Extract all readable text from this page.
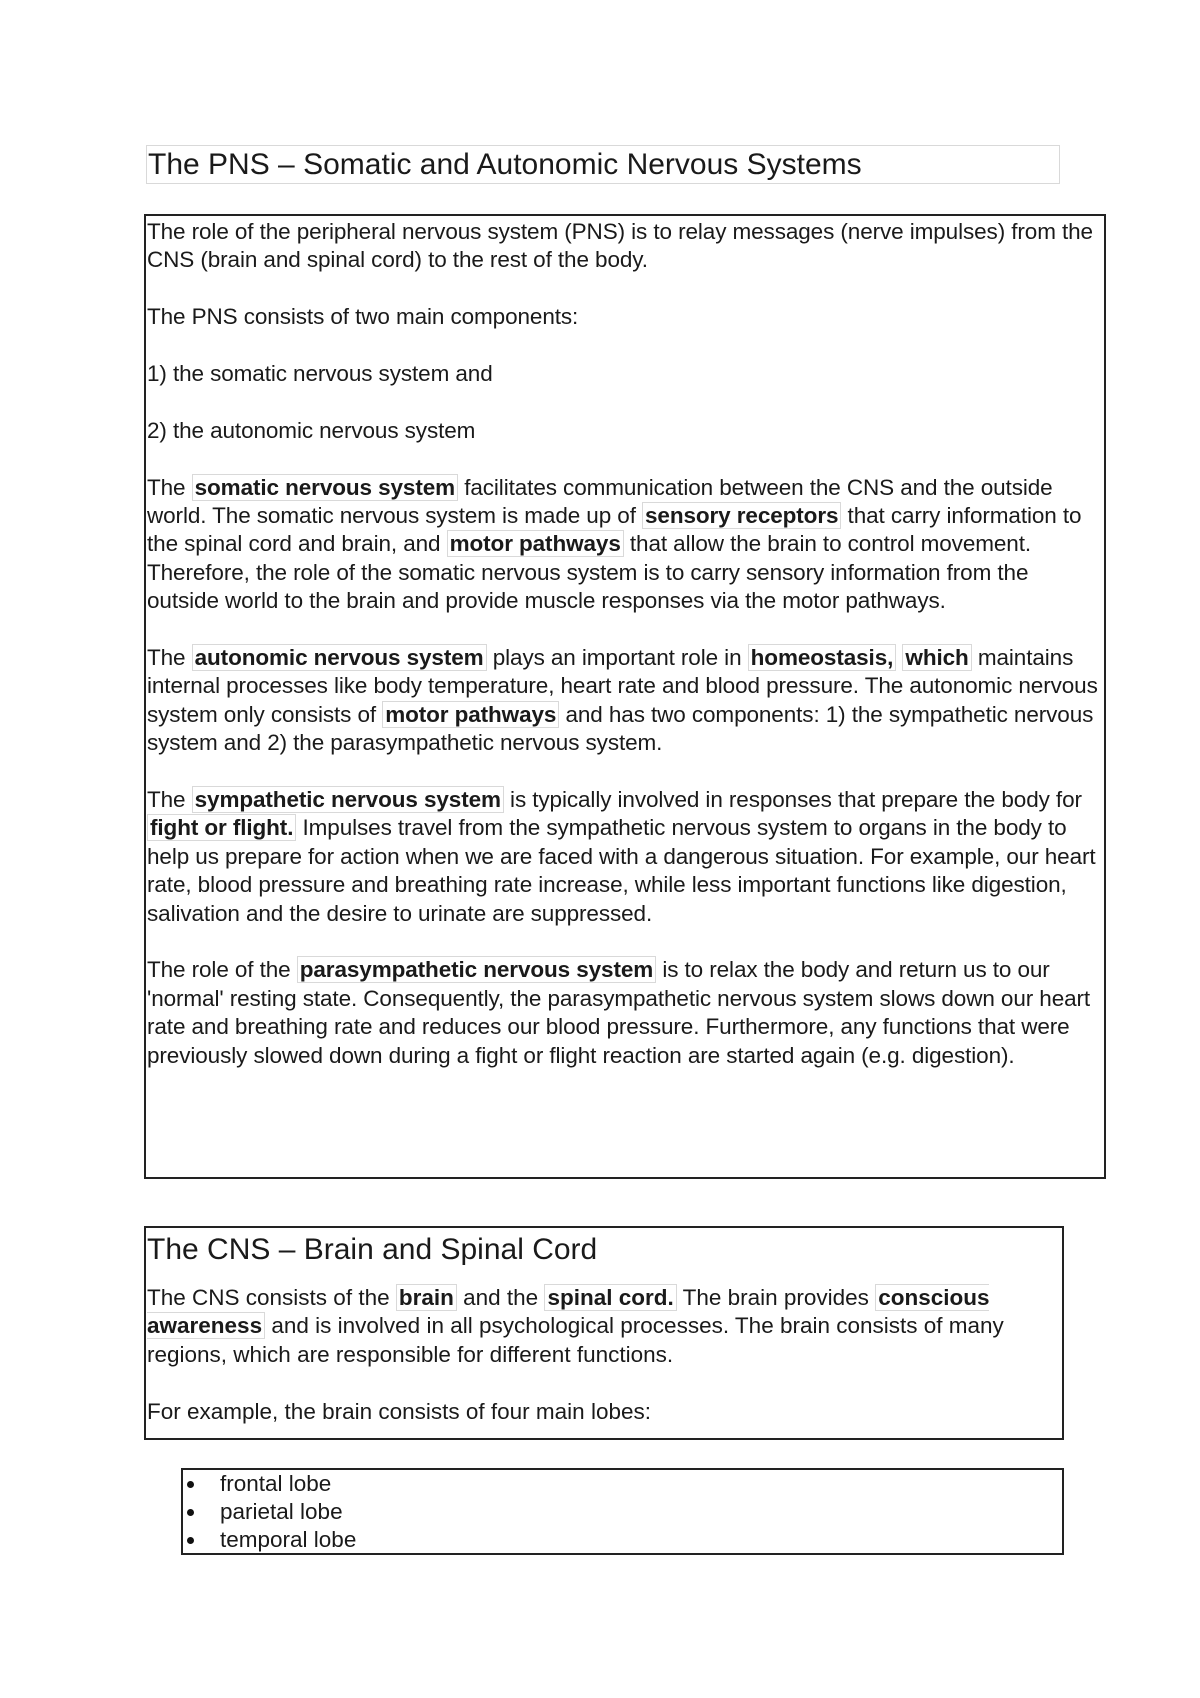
The PNS – Somatic and Autonomic Nervous Systems

The role of the peripheral nervous system (PNS) is to relay messages (nerve impulses) from the CNS (brain and spinal cord) to the rest of the body.

The PNS consists of two main components:

1) the somatic nervous system and

2) the autonomic nervous system

The somatic nervous system facilitates communication between the CNS and the outside world. The somatic nervous system is made up of sensory receptors that carry information to the spinal cord and brain, and motor pathways that allow the brain to control movement. Therefore, the role of the somatic nervous system is to carry sensory information from the outside world to the brain and provide muscle responses via the motor pathways.

The autonomic nervous system plays an important role in homeostasis, which maintains internal processes like body temperature, heart rate and blood pressure. The autonomic nervous system only consists of motor pathways and has two components: 1) the sympathetic nervous system and 2) the parasympathetic nervous system.

The sympathetic nervous system is typically involved in responses that prepare the body for fight or flight. Impulses travel from the sympathetic nervous system to organs in the body to help us prepare for action when we are faced with a dangerous situation. For example, our heart rate, blood pressure and breathing rate increase, while less important functions like digestion, salivation and the desire to urinate are suppressed.

The role of the parasympathetic nervous system is to relax the body and return us to our 'normal' resting state. Consequently, the parasympathetic nervous system slows down our heart rate and breathing rate and reduces our blood pressure. Furthermore, any functions that were previously slowed down during a fight or flight reaction are started again (e.g. digestion).

The CNS – Brain and Spinal Cord

The CNS consists of the brain and the spinal cord. The brain provides conscious awareness and is involved in all psychological processes. The brain consists of many regions, which are responsible for different functions.

For example, the brain consists of four main lobes:

frontal lobe
parietal lobe
temporal lobe
